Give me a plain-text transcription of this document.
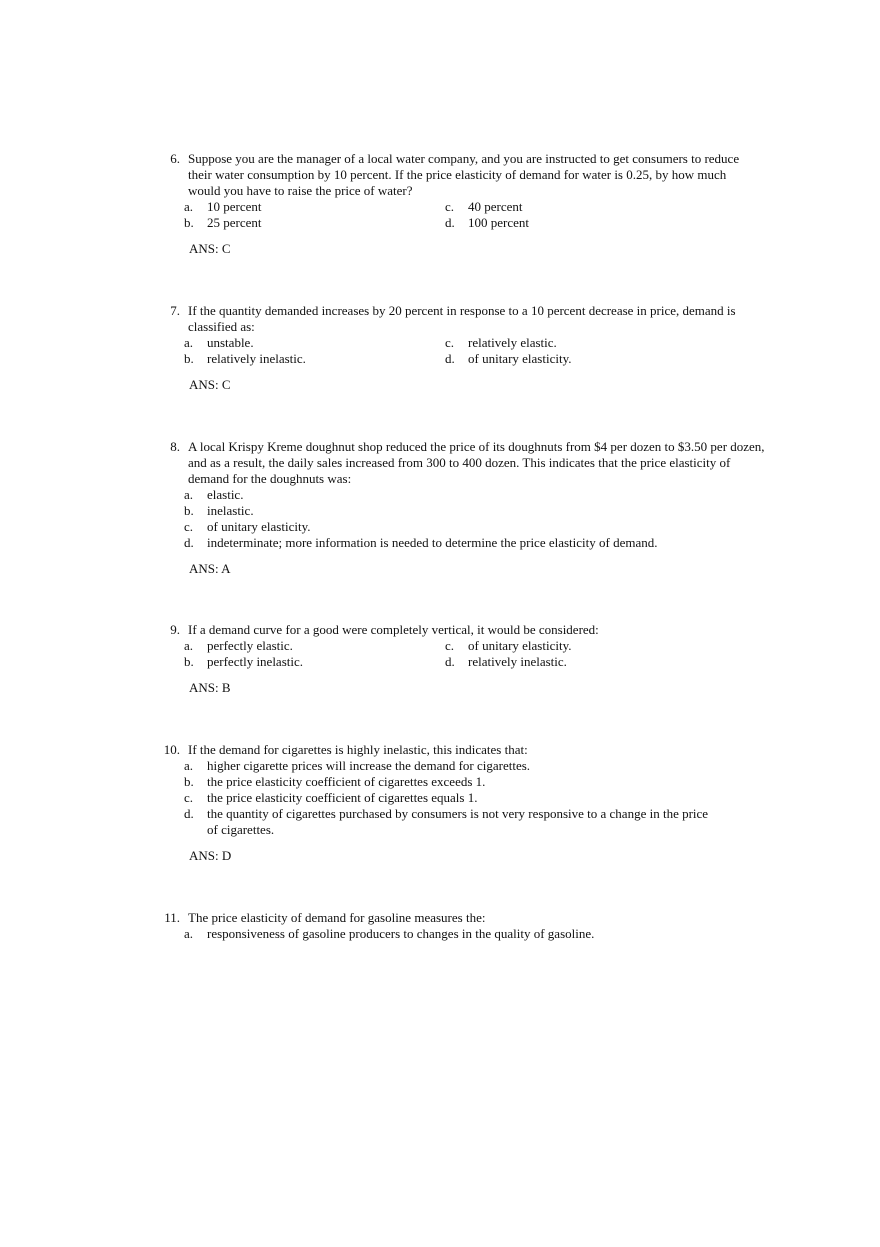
6. Suppose you are the manager of a local water company, and you are instructed to get consumers to reduce their water consumption by 10 percent. If the price elasticity of demand for water is 0.25, by how much would you have to raise the price of water?
a. 10 percent	c. 40 percent
b. 25 percent	d. 100 percent
ANS: C
7. If the quantity demanded increases by 20 percent in response to a 10 percent decrease in price, demand is classified as:
a. unstable.	c. relatively elastic.
b. relatively inelastic.	d. of unitary elasticity.
ANS: C
8. A local Krispy Kreme doughnut shop reduced the price of its doughnuts from $4 per dozen to $3.50 per dozen, and as a result, the daily sales increased from 300 to 400 dozen. This indicates that the price elasticity of demand for the doughnuts was:
a. elastic.
b. inelastic.
c. of unitary elasticity.
d. indeterminate; more information is needed to determine the price elasticity of demand.
ANS: A
9. If a demand curve for a good were completely vertical, it would be considered:
a. perfectly elastic.	c. of unitary elasticity.
b. perfectly inelastic.	d. relatively inelastic.
ANS: B
10. If the demand for cigarettes is highly inelastic, this indicates that:
a. higher cigarette prices will increase the demand for cigarettes.
b. the price elasticity coefficient of cigarettes exceeds 1.
c. the price elasticity coefficient of cigarettes equals 1.
d. the quantity of cigarettes purchased by consumers is not very responsive to a change in the price of cigarettes.
ANS: D
11. The price elasticity of demand for gasoline measures the:
a. responsiveness of gasoline producers to changes in the quality of gasoline.
